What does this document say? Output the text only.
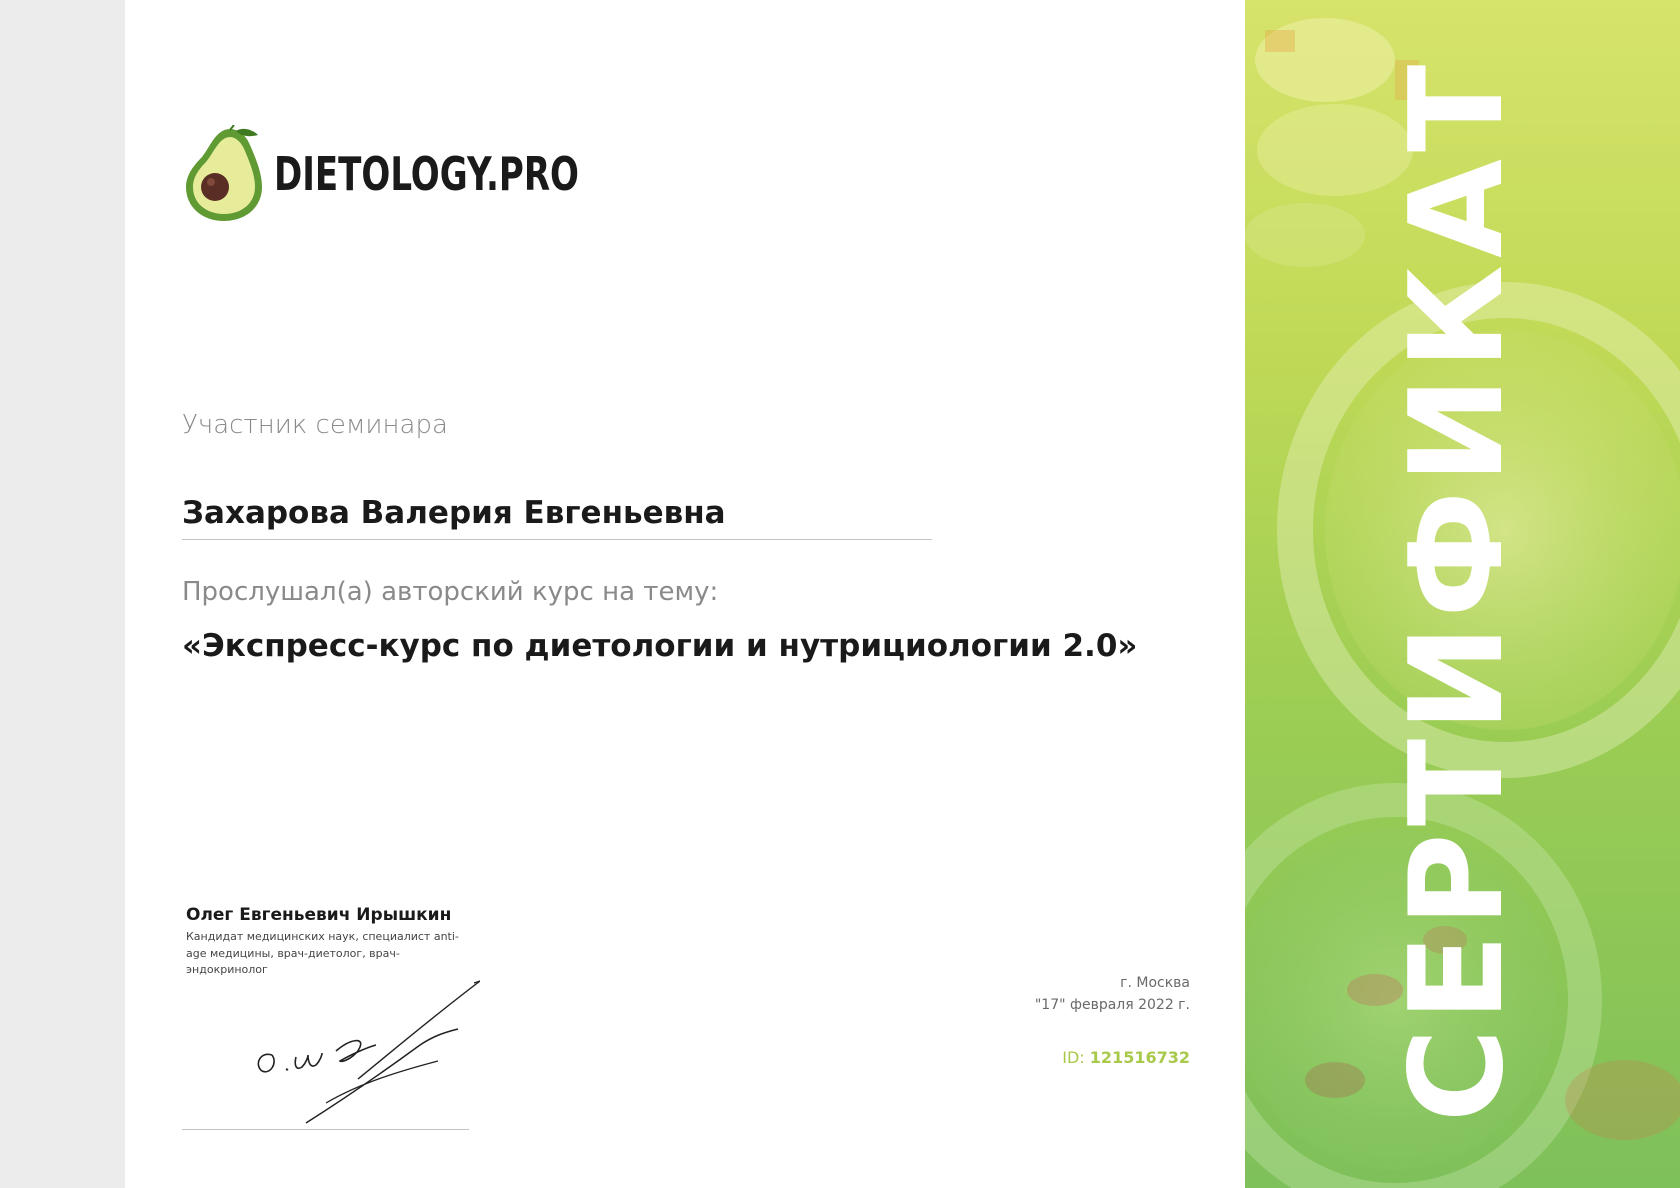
DIETOLOGY.PRO
Участник семинара
Захарова Валерия Евгеньевна
Прослушал(а) авторский курс на тему:
«Экспресс-курс по диетологии и нутрициологии 2.0»
Олег Евгеньевич Ирышкин
Кандидат медицинских наук, специалист anti-age медицины, врач-диетолог, врач-эндокринолог
г. Москва
"17" февраля 2022 г.
ID: 121516732 СЕРТИФИКАТ
